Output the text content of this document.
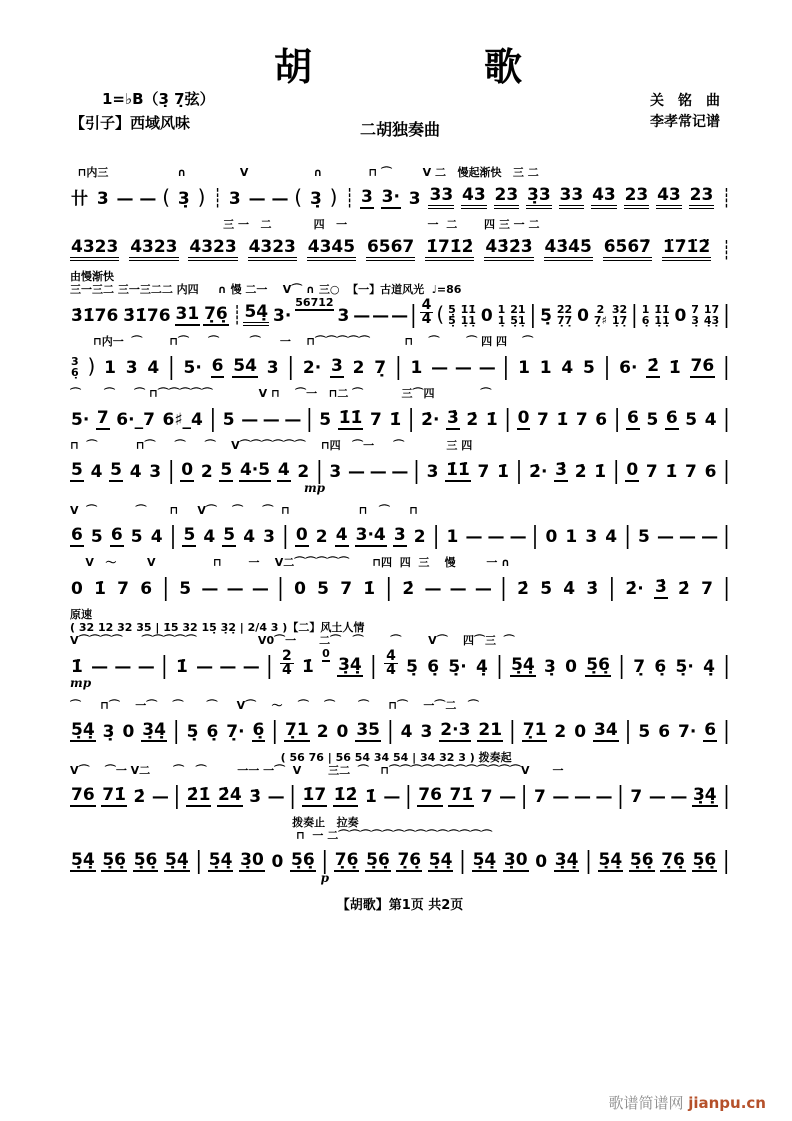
胡　　　　歌
二胡独奏曲
1=♭B（3̣ 7̣弦）
【引子】西域风味
关　铭　曲
李孝常记谱
⊓内三                  ∩              V                 ∩            ⊓ ⌒        V 二   慢起渐快   三 二
卄 3 — — ( 3̣ ) ┊ 3 — — ( 3̣ ) ┊ 3 3· 3 33 43 23 3̣3 33 43 23 43 23 ┊
三 一   二           四   一                     一  二       四 三 一 二
4323 4323 4323 4323 4345 6567 1̇71̇2̇ 4̇3̇2̇3̇ 4̇3̇4̇5̇ 6̇5̇6̇7̇ 1̈7̇1̈2̈ ┊
由慢渐快
三一三二 三一三二二 内四     ∩ 慢 二一    V⌒ ∩ 三○  【一】古道风光  ♩=86
3̇1̇76 3̇1̇76 31 7̣6̣ ┊ 54̣ 3·
56712̇
3 — — — | 4
4 ( 5̣
5̣
1̇1̇
1̣1̣ 0 1
1̣
21
5̣1̣ | 5̣ 2̇2̇
7̣7̣ 0 2
7̣♯
32
1̣7̣ | 1
6̣
1̇1̇
1̣1̣ 0 7
3̣
17
4̣3̣ |
⊓内一  ⌒       ⊓⌒     ⌒        ⌒     一    ⊓⌒⌒⌒⌒⌒         ⊓    ⌒       ⌒ 四 四    ⌒
3
6̣ ) 1 3 4 | 5· 6 54 3 | 2· 3 2 7̣ | 1 — — — | 1 1 4 5 | 6· 2̇ 1̇ 76 |
⌒      ⌒     ⌒ ⊓⌒⌒⌒⌒⌒            V ⊓    ⌒一   ⊓二 ⌒          三⌒四            ⌒
5· 7 6·_7 6♯_4 | 5 — — — | 5 1̇1̇ 7 1̇ | 2̇· 3̇ 2̇ 1̇ | 0 7 1̇ 7 6 | 6 5 6 5 4 |
⊓  ⌒          ⊓⌒     ⌒     ⌒    V⌒⌒⌒⌒⌒⌒    ⊓四   ⌒一     ⌒           三 四
5 4 5 4 3 | 0 2 5 4·5 4 2 | 3 — — — | 3 1̇1̇ 7 1̇ | 2̇· 3̇ 2̇ 1̇ | 0 7 1̇ 7 6 |
mp
V  ⌒          ⌒      ⊓     V⌒    ⌒     ⌒  ⊓                  ⊓   ⌒     ⊓
6 5 6 5 4 | 5 4 5 4 3 | 0 2 4 3·4 3 2 | 1 — — — | 0 1 3 4 | 5 — — — |
V   〜        V               ⊓       一    V二⌒⌒⌒⌒⌒      ⊓四  四  三    慢        一 ∩
0 1̇ 7 6 | 5 — — — | 0 5 7 1̇ | 2̇ — — — | 2̇ 5̇ 4̇ 3̇ | 2̇· 3̇ 2̇ 7 |
原速
( 32 12 32 35 | 1̇5 32 15̣ 3̣2̣ | 2/4 3 )【二】风土人情
V⌒⌒⌒⌒     ⌒⌒⌒⌒⌒                V0⌒一      二⌒   ⌒       ⌒       V⌒    四⌒三  ⌒
1̇ — — — | 1̇ — — — | 2
4 1̇
0
3̣4̣ | 4
4 5̣ 6̣ 5̣· 4̣ | 5̣4̣ 3̣ 0 5̣6̣ | 7̣ 6̣ 5̣· 4̣ |
mp
⌒     ⊓⌒    一⌒    ⌒      ⌒     V⌒    〜    ⌒    ⌒      ⌒     ⊓⌒    一⌒二   ⌒
5̣4̣ 3̣ 0 3̣4̣ | 5̣ 6̣ 7̣· 6̣ | 7̣1 2 0 35 | 4 3 2·3 21 | 7̣1 2 0 34 | 5 6 7· 6 |
( 56 76 | 56 54 34 54 | 34 32 3 ) 拨奏起
V⌒    ⌒一 V二      ⌒   ⌒        一一 一⌒  V       三二  ⌒   ⊓⌒⌒⌒⌒⌒⌒⌒⌒⌒⌒⌒⌒V      一
76 71̇ 2̇ — | 2̇1̇ 2̇4̇ 3̇ — | 1̇7 1̇2̇ 1̇ — | 76 71̇ 7 — | 7 — — — | 7 — — 3̣4̣ |
拨奏止   拉奏
⊓  一 二⌒⌒⌒⌒⌒⌒⌒⌒⌒⌒⌒⌒⌒⌒
5̣4̣ 5̣6̣ 5̣6̣ 5̣4̣ | 5̣4̣ 3̣0 0 5̣6̣ | 7̣6̣ 5̣6̣ 7̣6̣ 5̣4̣ | 5̣4̣ 3̣0 0 3̣4̣ | 5̣4̣ 5̣6̣ 7̣6̣ 5̣6̣ |
p
【胡歌】第1页 共2页
歌谱简谱网 jianpu.cn
